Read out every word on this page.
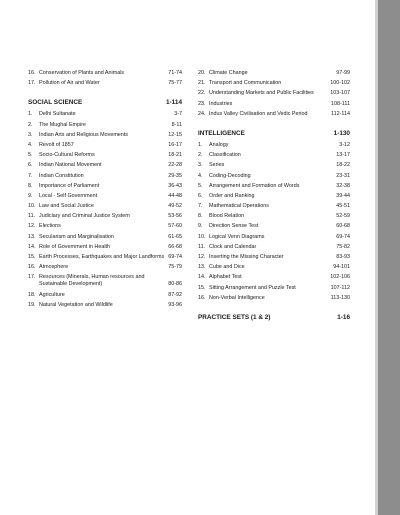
16. Conservation of Plants and Animals	71-74
17. Pollution of Air and Water	75-77
SOCIAL SCIENCE	1-114
1.	Delhi Sultanate	3-7
2.	The Mughal Empire	8-11
3.	Indian Arts and Religious Movements	12-15
4.	Revolt of 1857	16-17
5.	Socio-Cultural Reforms	18-21
6.	Indian National Movement	22-28
7.	Indian Constitution	29-35
8.	Importance of Parliament	36-43
9.	Local - Self Government	44-48
10. Law and Social Justice	49-52
11. Judiciary and Criminal Justice System	53-56
12. Elections	57-60
13. Secularism and Marginalisation	61-65
14. Role of Government in Health	66-68
15. Earth Processes, Earthquakes and Major Landforms 69-74
16. Atmosphere	75-79
17. Resources (Minerals, Human resources and Sustainable Development)	80-86
18. Agriculture	87-92
19. Natural Vegetation and Wildlife	93-96
20. Climate Change	97-99
21. Transport and Communication	100-102
22. Understanding Markets and Public Facilities	103-107
23. Industries	108-111
24. Indus Valley Civilisation and Vedic Period	112-114
INTELLIGENCE	1-130
1.	Analogy	3-12
2.	Classification	13-17
3.	Series	18-22
4.	Coding-Decoding	23-31
5.	Arrangement and Formation of Words	32-38
6.	Order and Ranking	39-44
7.	Mathematical Operations	45-51
8.	Blood Relation	52-59
9.	Direction Sense Test	60-68
10. Logical Venn Diagrams	69-74
11. Clock and Calendar	75-82
12. Inserting the Missing Character	83-93
13. Cube and Dice	94-101
14. Alphabet Test	102-106
15. Sitting Arrangement and Puzzle Test	107-112
16. Non-Verbal Intelligence	113-130
PRACTICE SETS (1 & 2)	1-16
